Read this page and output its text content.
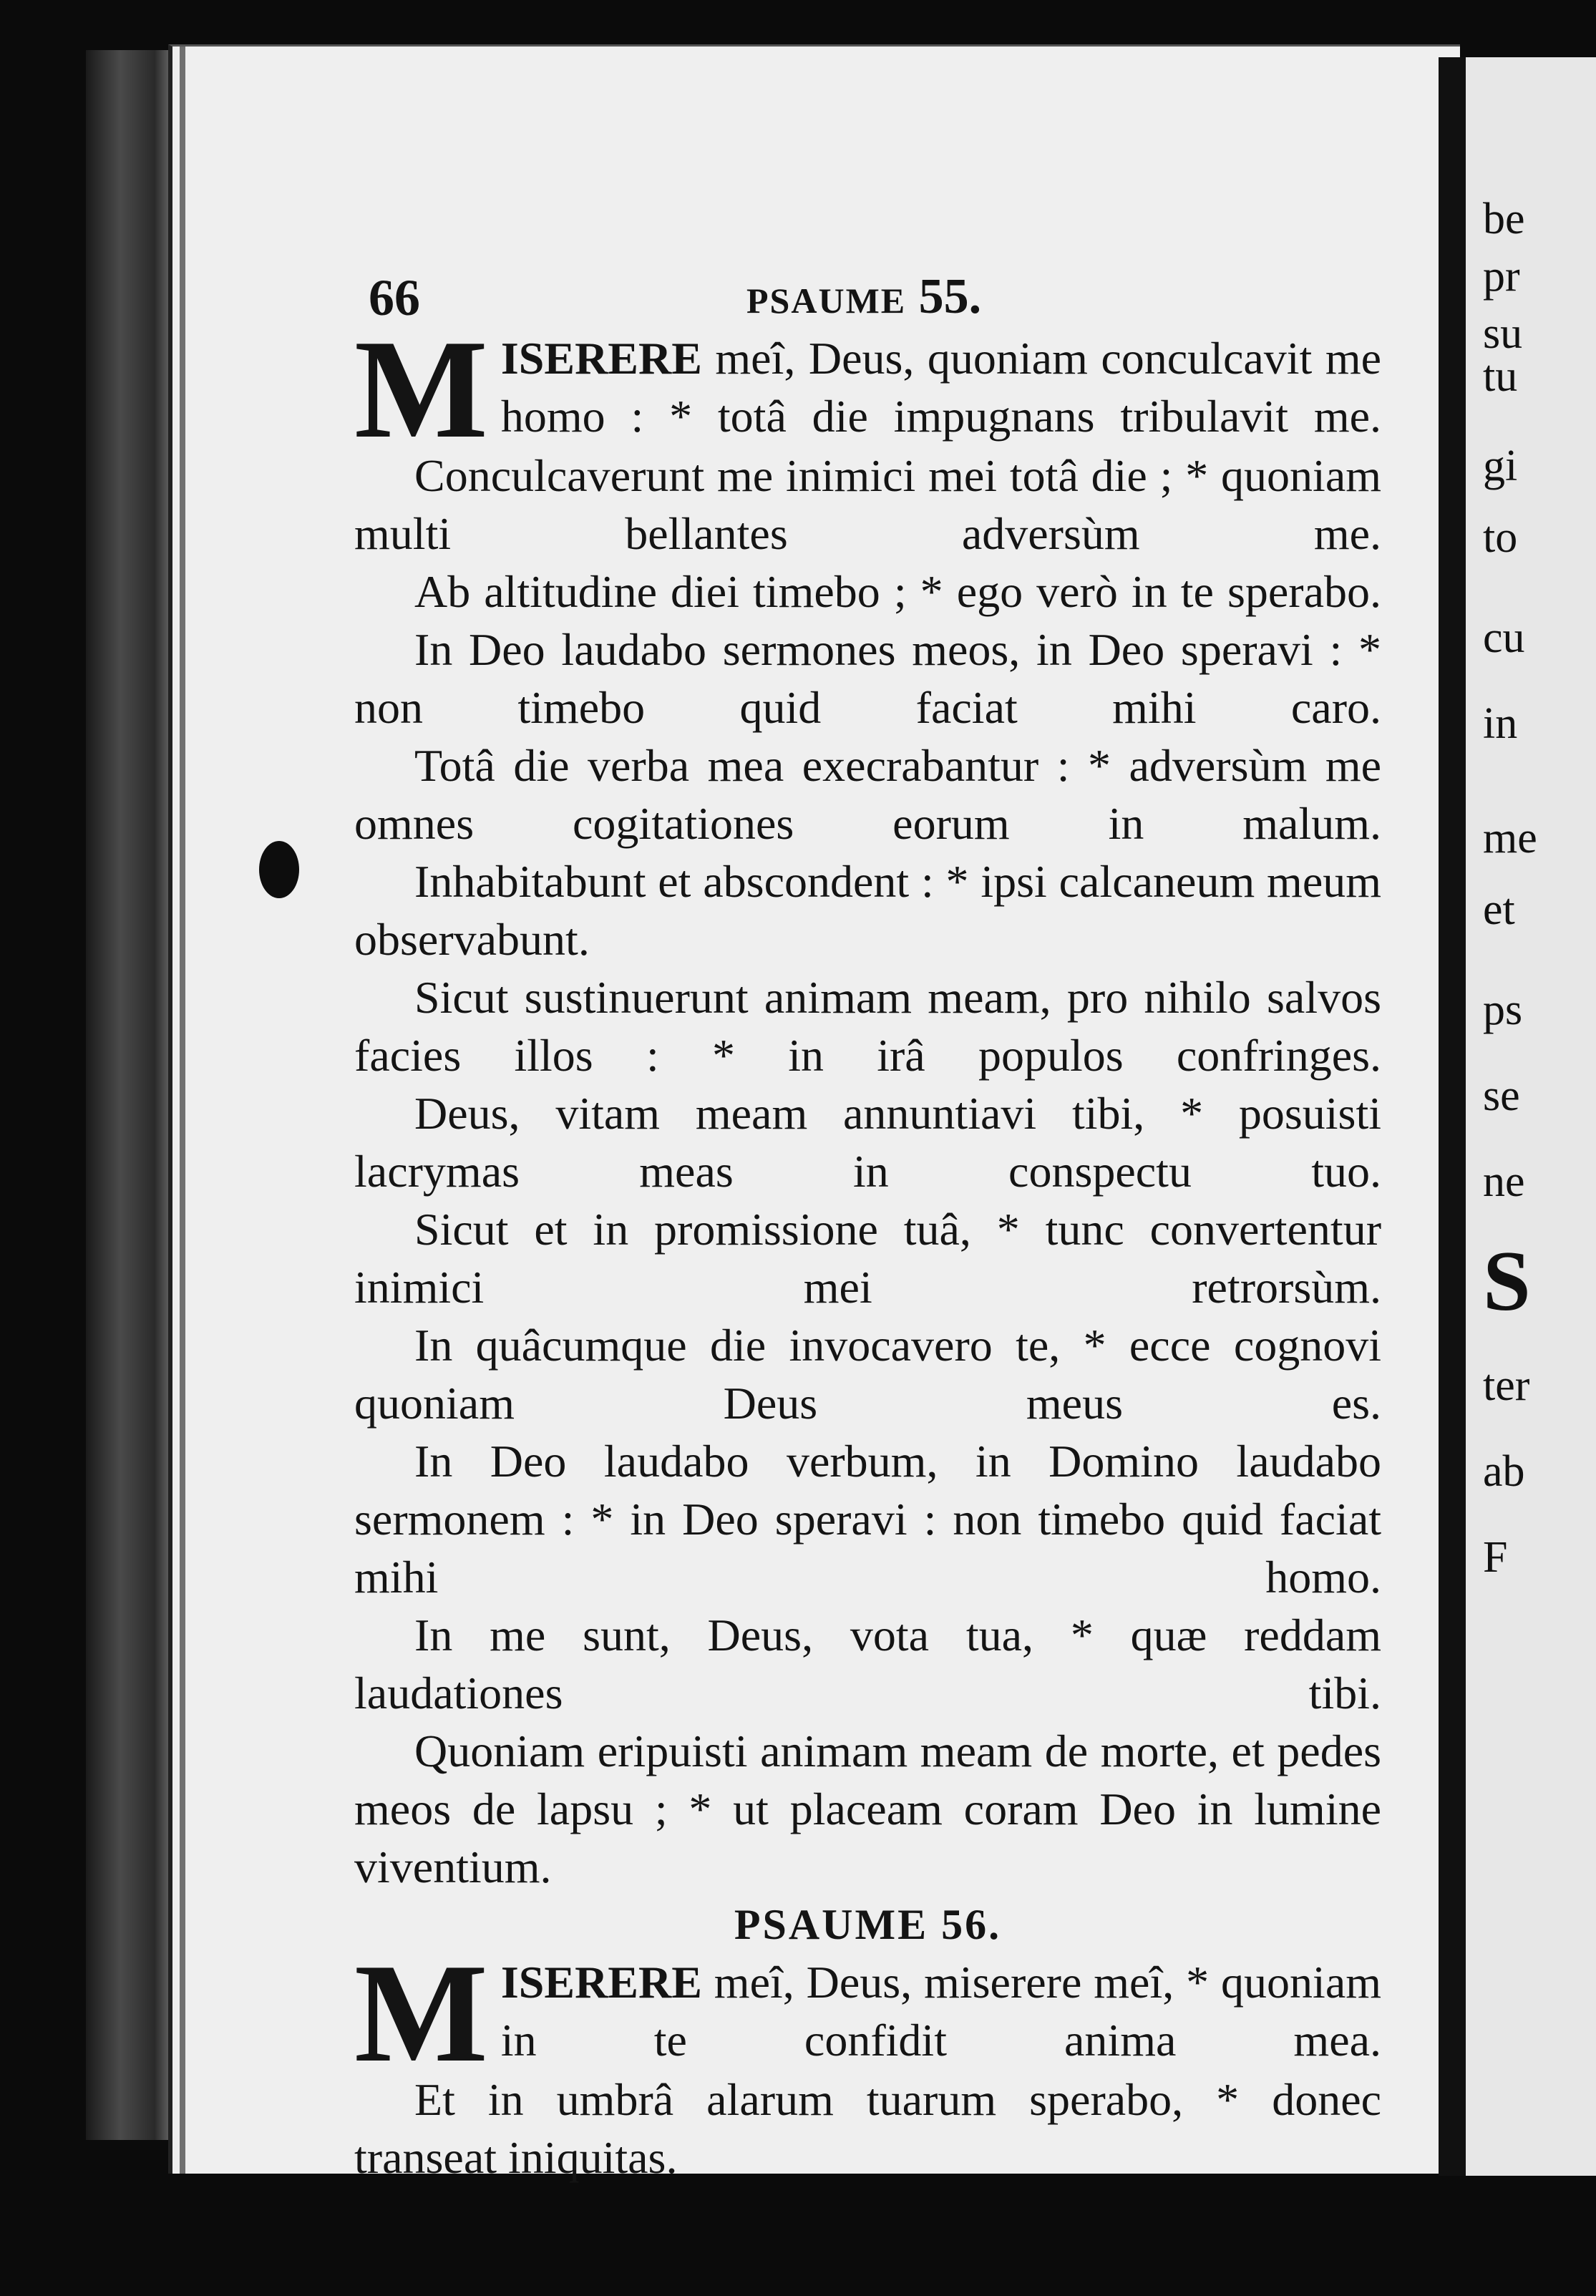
be
pr
su
tu
gi
to
cu
in
me
et
ps
se
ne
S
ter
ab
F
66	PSAUME 55.

MISERERE meî, Deus, quoniam conculcavit me homo : * totâ die impugnans tribulavit me.

Conculcaverunt me inimici mei totâ die ; * quoniam multi bellantes adversùm me.

Ab altitudine diei timebo ; * ego verò in te sperabo.

In Deo laudabo sermones meos, in Deo speravi : * non timebo quid faciat mihi caro.

Totâ die verba mea execrabantur : * adversùm me omnes cogitationes eorum in malum.

Inhabitabunt et abscondent : * ipsi calcaneum meum observabunt.

Sicut sustinuerunt animam meam, pro nihilo salvos facies illos : * in irâ populos confringes.

Deus, vitam meam annuntiavi tibi, * posuisti lacrymas meas in conspectu tuo.

Sicut et in promissione tuâ, * tunc convertentur inimici mei retrorsùm.

In quâcumque die invocavero te, * ecce cognovi quoniam Deus meus es.

In Deo laudabo verbum, in Domino laudabo sermonem : * in Deo speravi : non timebo quid faciat mihi homo.

In me sunt, Deus, vota tua, * quæ reddam laudationes tibi.

Quoniam eripuisti animam meam de morte, et pedes meos de lapsu ; * ut placeam coram Deo in lumine viventium.

PSAUME 56.

MISERERE meî, Deus, miserere meî, * quoniam in te confidit anima mea.

Et in umbrâ alarum tuarum sperabo, * donec transeat iniquitas.
